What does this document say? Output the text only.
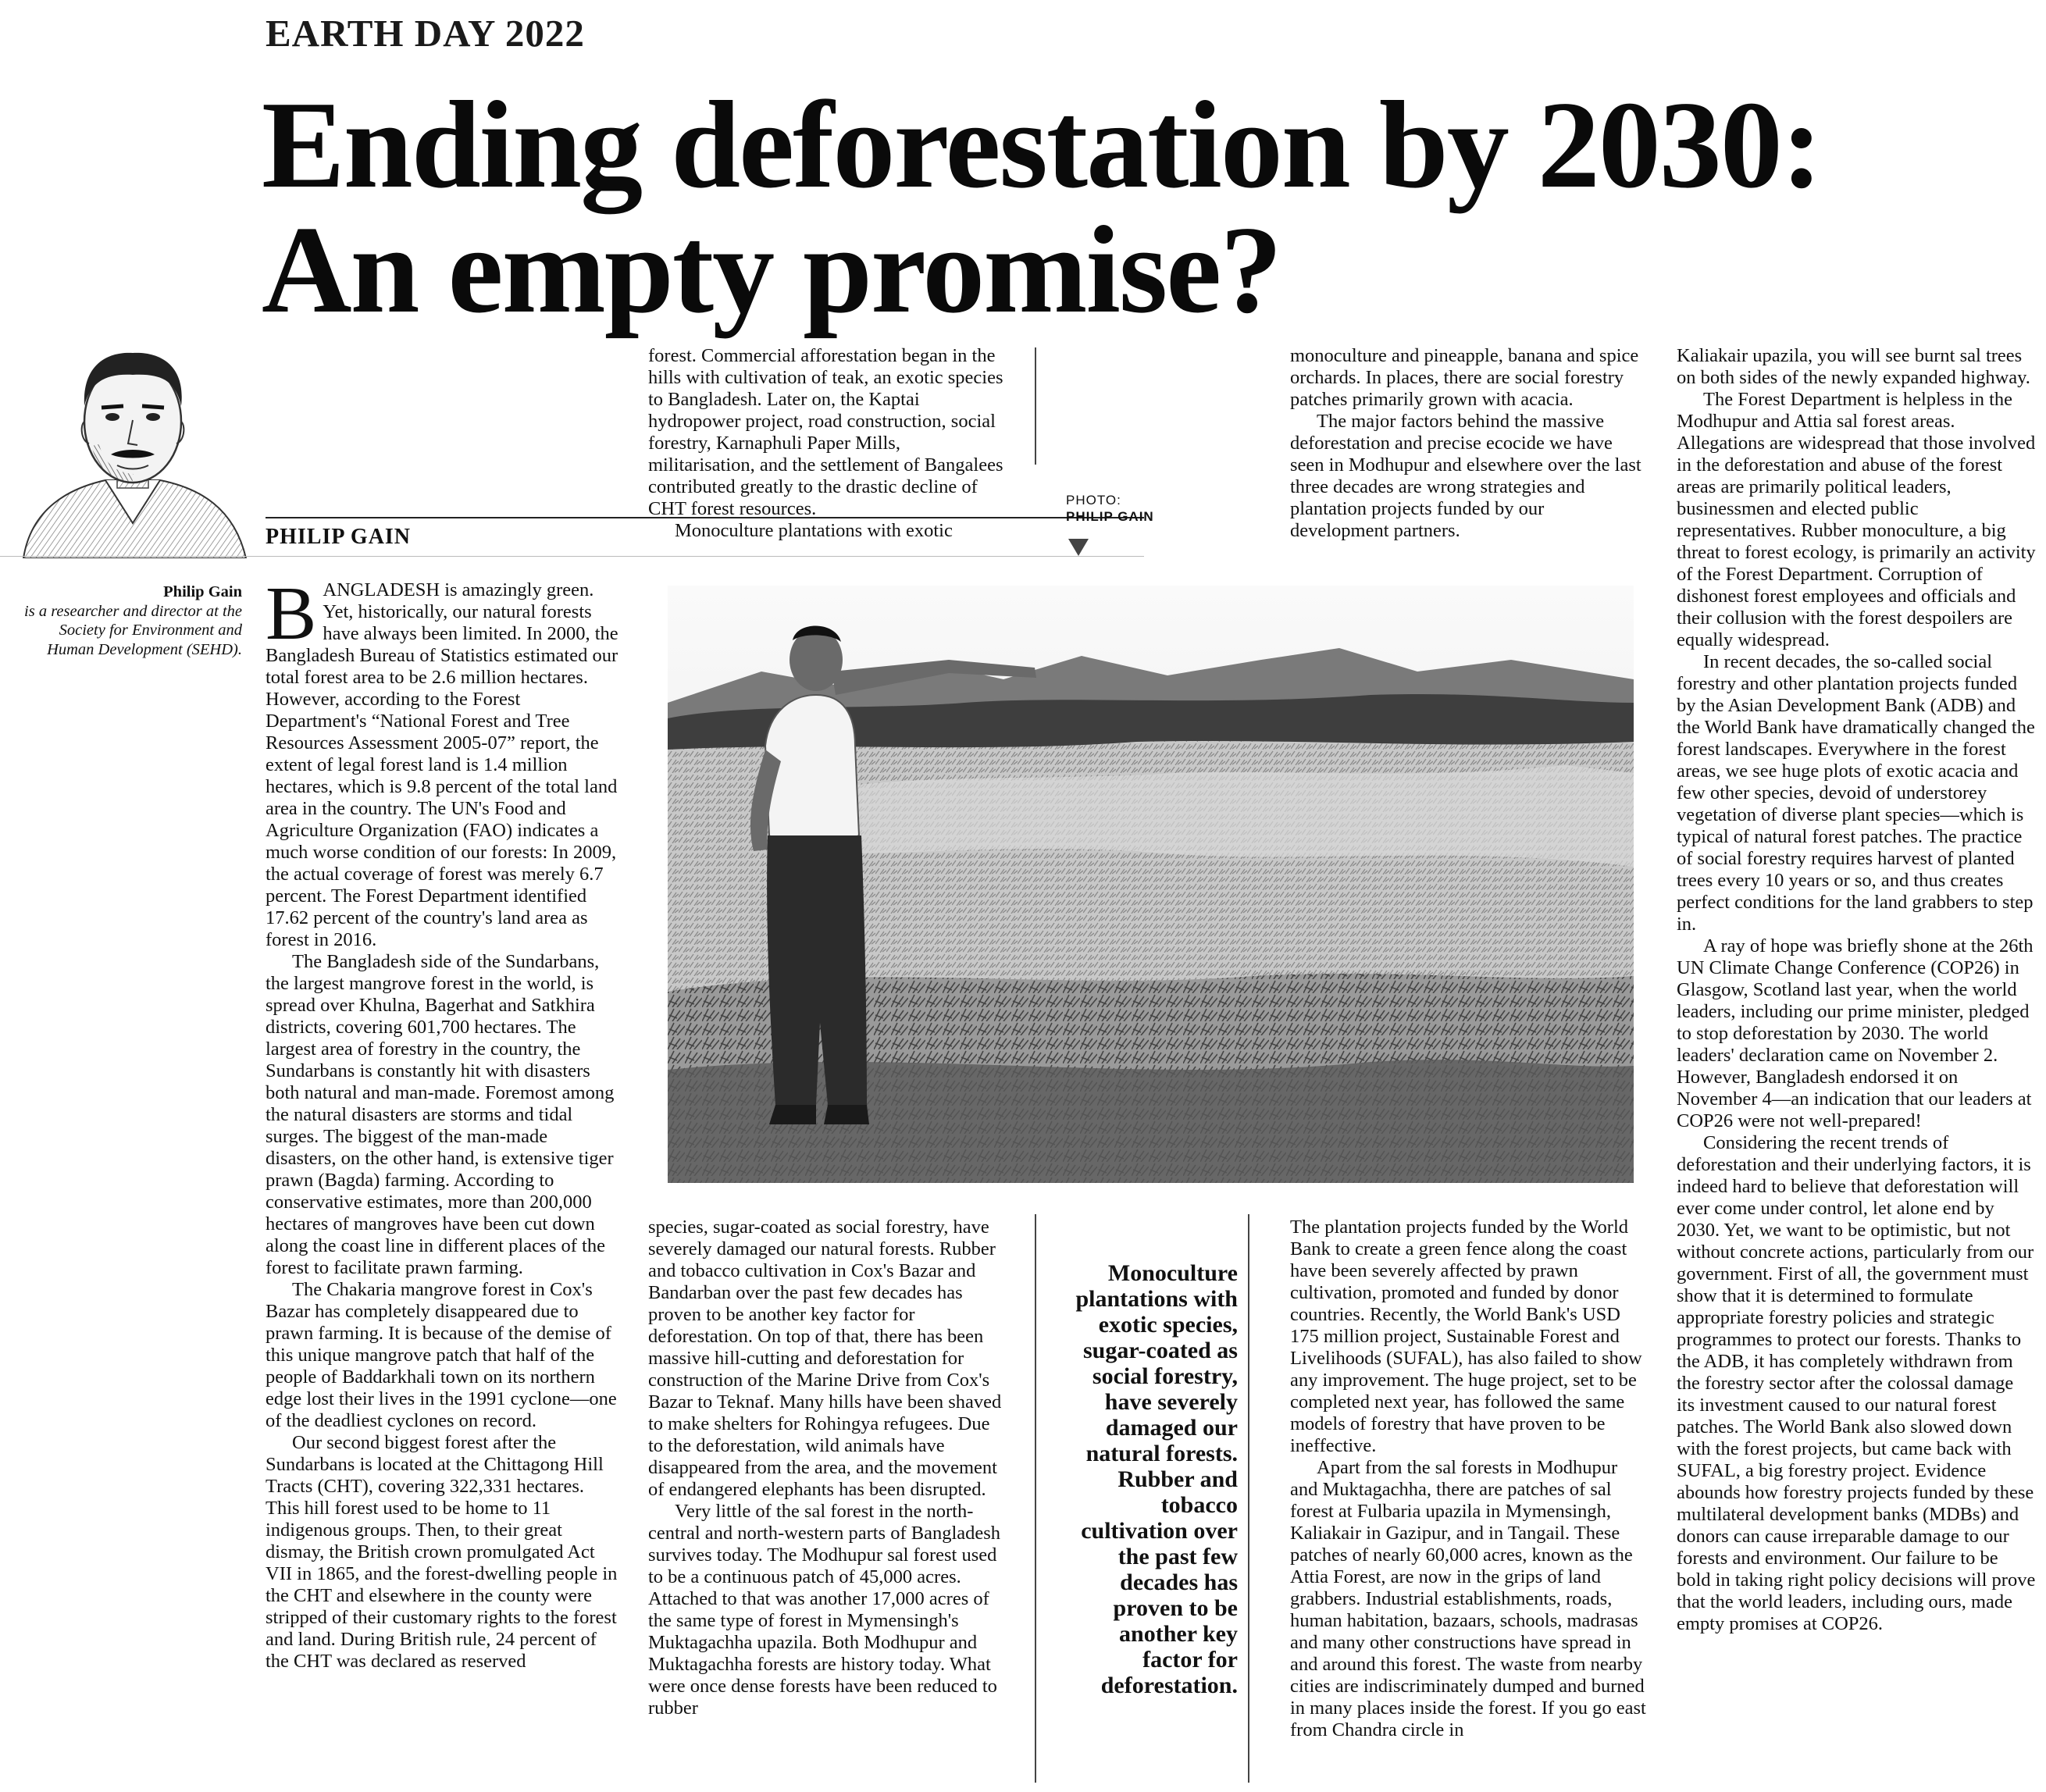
EARTH DAY 2022
Ending deforestation by 2030:
An empty promise?
PHILIP GAIN
Philip Gain
is a researcher and director at the Society for Environment and Human Development (SEHD). BANGLADESH is amazingly green. Yet, historically, our natural forests have always been limited. In 2000, the Bangladesh Bureau of Statistics estimated our total forest area to be 2.6 million hectares. However, according to the Forest Department's “National Forest and Tree Resources Assessment 2005-07” report, the extent of legal forest land is 1.4 million hectares, which is 9.8 percent of the total land area in the country. The UN's Food and Agriculture Organization (FAO) indicates a much worse condition of our forests: In 2009, the actual coverage of forest was merely 6.7 percent. The Forest Department identified 17.62 percent of the country's land area as forest in 2016.

The Bangladesh side of the Sundarbans, the largest mangrove forest in the world, is spread over Khulna, Bagerhat and Satkhira districts, covering 601,700 hectares. The largest area of forestry in the country, the Sundarbans is constantly hit with disasters both natural and man-made. Foremost among the natural disasters are storms and tidal surges. The biggest of the man-made disasters, on the other hand, is extensive tiger prawn (Bagda) farming. According to conservative estimates, more than 200,000 hectares of mangroves have been cut down along the coast line in different places of the forest to facilitate prawn farming.

The Chakaria mangrove forest in Cox's Bazar has completely disappeared due to prawn farming. It is because of the demise of this unique mangrove patch that half of the people of Baddarkhali town on its northern edge lost their lives in the 1991 cyclone—one of the deadliest cyclones on record.

Our second biggest forest after the Sundarbans is located at the Chittagong Hill Tracts (CHT), covering 322,331 hectares. This hill forest used to be home to 11 indigenous groups. Then, to their great dismay, the British crown promulgated Act VII in 1865, and the forest-dwelling people in the CHT and elsewhere in the county were stripped of their customary rights to the forest and land. During British rule, 24 percent of the CHT was declared as reserved

forest. Commercial afforestation began in the hills with cultivation of teak, an exotic species to Bangladesh. Later on, the Kaptai hydropower project, road construction, social forestry, Karnaphuli Paper Mills, militarisation, and the settlement of Bangalees contributed greatly to the drastic decline of CHT forest resources.

Monoculture plantations with exotic

PHOTO:
PHILIP GAIN

monoculture and pineapple, banana and spice orchards. In places, there are social forestry patches primarily grown with acacia.

The major factors behind the massive deforestation and precise ecocide we have seen in Modhupur and elsewhere over the last three decades are wrong strategies and plantation projects funded by our development partners.

Monoculture plantations with exotic species, sugar-coated as social forestry, have severely damaged our natural forests. Rubber and tobacco cultivation over the past few decades has proven to be another key factor for deforestation.

species, sugar-coated as social forestry, have severely damaged our natural forests. Rubber and tobacco cultivation in Cox's Bazar and Bandarban over the past few decades has proven to be another key factor for deforestation. On top of that, there has been massive hill-cutting and deforestation for construction of the Marine Drive from Cox's Bazar to Teknaf. Many hills have been shaved to make shelters for Rohingya refugees. Due to the deforestation, wild animals have disappeared from the area, and the movement of endangered elephants has been disrupted.

Very little of the sal forest in the north-central and north-western parts of Bangladesh survives today. The Modhupur sal forest used to be a continuous patch of 45,000 acres. Attached to that was another 17,000 acres of the same type of forest in Mymensingh's Muktagachha upazila. Both Modhupur and Muktagachha forests are history today. What were once dense forests have been reduced to rubber

The plantation projects funded by the World Bank to create a green fence along the coast have been severely affected by prawn cultivation, promoted and funded by donor countries. Recently, the World Bank's USD 175 million project, Sustainable Forest and Livelihoods (SUFAL), has also failed to show any improvement. The huge project, set to be completed next year, has followed the same models of forestry that have proven to be ineffective.

Apart from the sal forests in Modhupur and Muktagachha, there are patches of sal forest at Fulbaria upazila in Mymensingh, Kaliakair in Gazipur, and in Tangail. These patches of nearly 60,000 acres, known as the Attia Forest, are now in the grips of land grabbers. Industrial establishments, roads, human habitation, bazaars, schools, madrasas and many other constructions have spread in and around this forest. The waste from nearby cities are indiscriminately dumped and burned in many places inside the forest. If you go east from Chandra circle in

Kaliakair upazila, you will see burnt sal trees on both sides of the newly expanded highway.

The Forest Department is helpless in the Modhupur and Attia sal forest areas. Allegations are widespread that those involved in the deforestation and abuse of the forest areas are primarily political leaders, businessmen and elected public representatives. Rubber monoculture, a big threat to forest ecology, is primarily an activity of the Forest Department. Corruption of dishonest forest employees and officials and their collusion with the forest despoilers are equally widespread.

In recent decades, the so-called social forestry and other plantation projects funded by the Asian Development Bank (ADB) and the World Bank have dramatically changed the forest landscapes. Everywhere in the forest areas, we see huge plots of exotic acacia and few other species, devoid of understorey vegetation of diverse plant species—which is typical of natural forest patches. The practice of social forestry requires harvest of planted trees every 10 years or so, and thus creates perfect conditions for the land grabbers to step in.

A ray of hope was briefly shone at the 26th UN Climate Change Conference (COP26) in Glasgow, Scotland last year, when the world leaders, including our prime minister, pledged to stop deforestation by 2030. The world leaders' declaration came on November 2. However, Bangladesh endorsed it on November 4—an indication that our leaders at COP26 were not well-prepared!

Considering the recent trends of deforestation and their underlying factors, it is indeed hard to believe that deforestation will ever come under control, let alone end by 2030. Yet, we want to be optimistic, but not without concrete actions, particularly from our government. First of all, the government must show that it is determined to formulate appropriate forestry policies and strategic programmes to protect our forests. Thanks to the ADB, it has completely withdrawn from the forestry sector after the colossal damage its investment caused to our natural forest patches. The World Bank also slowed down with the forest projects, but came back with SUFAL, a big forestry project. Evidence abounds how forestry projects funded by these multilateral development banks (MDBs) and donors can cause irreparable damage to our forests and environment. Our failure to be bold in taking right policy decisions will prove that the world leaders, including ours, made empty promises at COP26.
